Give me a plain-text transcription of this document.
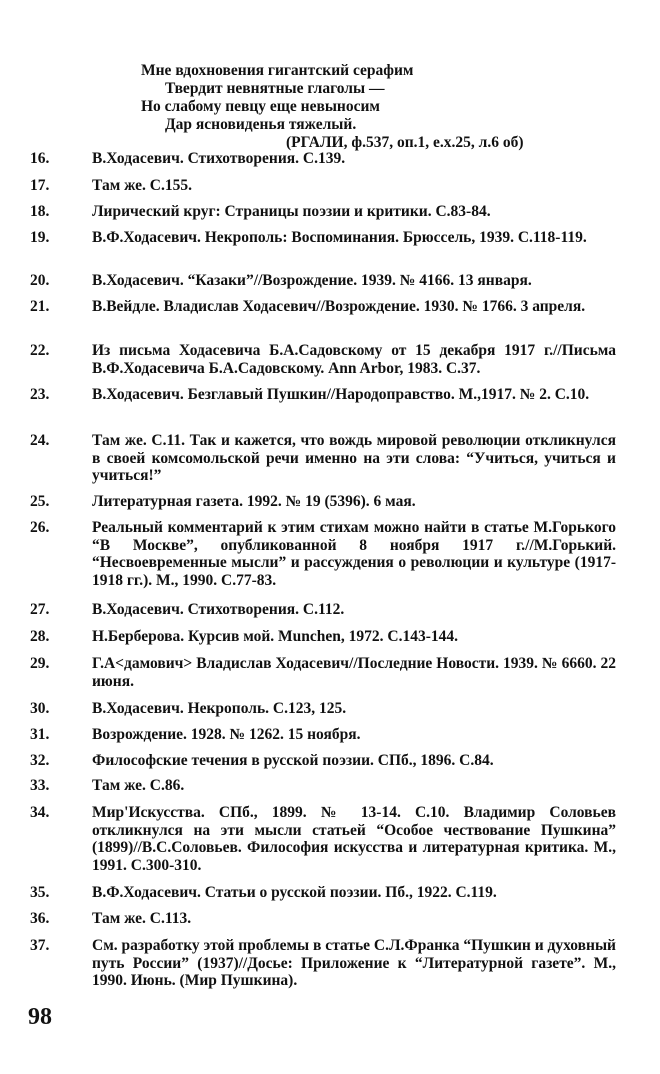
Мне вдохновения гигантский серафим
Твердит невнятные глаголы —
Но слабому певцу еще невыносим
Дар ясновиденья тяжелый.
(РГАЛИ, ф.537, оп.1, е.х.25, л.6 об)
16.	В.Ходасевич. Стихотворения. С.139.
17.	Там же. С.155.
18.	Лирический круг: Страницы поэзии и критики. С.83-84.
19.	В.Ф.Ходасевич. Некрополь: Воспоминания. Брюссель, 1939. С.118-119.
20.	В.Ходасевич. “Казаки”//Возрождение. 1939. № 4166. 13 января.
21.	В.Вейдле. Владислав Ходасевич//Возрождение. 1930. № 1766. 3 апреля.
22.	Из письма Ходасевича Б.А.Садовскому от 15 декабря 1917 г.//Письма В.Ф.Ходасевича Б.А.Садовскому. Ann Arbor, 1983. С.37.
23.	В.Ходасевич. Безглавый Пушкин//Народоправство. М.,1917. № 2. С.10.
24.	Там же. С.11. Так и кажется, что вождь мировой революции откликнулся в своей комсомольской речи именно на эти слова: “Учиться, учиться и учиться!”
25.	Литературная газета. 1992. № 19 (5396). 6 мая.
26.	Реальный комментарий к этим стихам можно найти в статье М.Горького “В Москве”, опубликованной 8 ноября 1917 г.//М.Горький. “Несвоевременные мысли” и рассуждения о революции и культуре (1917-1918 гг.). М., 1990. С.77-83.
27.	В.Ходасевич. Стихотворения. С.112.
28.	Н.Берберова. Курсив мой. Munchen, 1972. С.143-144.
29.	Г.А<дамович> Владислав Ходасевич//Последние Новости. 1939. № 6660. 22 июня.
30.	В.Ходасевич. Некрополь. С.123, 125.
31.	Возрождение. 1928. № 1262. 15 ноября.
32.	Философские течения в русской поэзии. СПб., 1896. С.84.
33.	Там же. С.86.
34.	Мир'Искусства. СПб., 1899. № 13-14. С.10. Владимир Соловьев откликнулся на эти мысли статьей “Особое чествование Пушкина” (1899)//В.С.Соловьев. Философия искусства и литературная критика. М., 1991. С.300-310.
35.	В.Ф.Ходасевич. Статьи о русской поэзии. Пб., 1922. С.119.
36.	Там же. С.113.
37.	См. разработку этой проблемы в статье С.Л.Франка “Пушкин и духовный путь России” (1937)//Досье: Приложение к “Литературной газете”. М., 1990. Июнь. (Мир Пушкина).
98
